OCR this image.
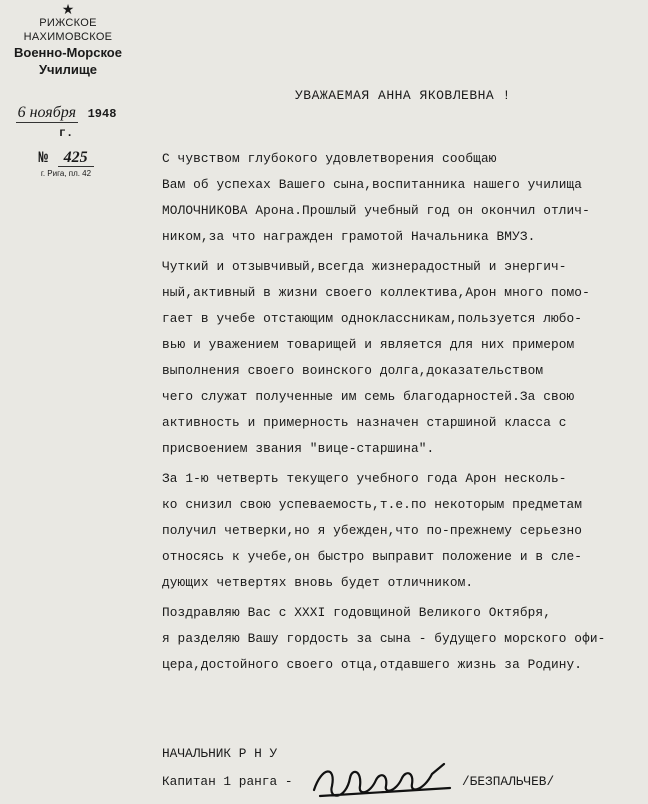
★
РИЖСКОЕ
НАХИМОВСКОЕ
Военно-Морское
Училище
6 ноября 1948 г.
№ 425
г. Рига, пл. 42
УВАЖАЕМАЯ АННА ЯКОВЛЕВНА !
С чувством глубокого удовлетворения сообщаю
Вам об успехах Вашего сына,воспитанника нашего училища
МОЛОЧНИКОВА Арона.Прошлый учебный год он окончил отлич-
ником,за что награжден грамотой Начальника ВМУЗ.
Чуткий и отзывчивый,всегда жизнерадостный и энергич-
ный,активный в жизни своего коллектива,Арон много помо-
гает в учебе отстающим одноклассникам,пользуется любо-
вью и уважением товарищей и является для них примером
выполнения своего воинского долга,доказательством
чего служат полученные им семь благодарностей.За свою
активность и примерность назначен старшиной класса с
присвоением звания "вице-старшина".
За 1-ю четверть текущего учебного года Арон несколь-
ко снизил свою успеваемость,т.е.по некоторым предметам
получил четверки,но я убежден,что по-прежнему серьезно
относясь к учебе,он быстро выправит положение и в сле-
дующих четвертях вновь будет отличником.
Поздравляю Вас с XXXI годовщиной Великого Октября,
я разделяю Вашу гордость за сына - будущего морского офи-
цера,достойного своего отца,отдавшего жизнь за Родину.
НАЧАЛЬНИК Р Н У
Капитан 1 ранга -	/БЕЗПАЛЬЧЕВ/
